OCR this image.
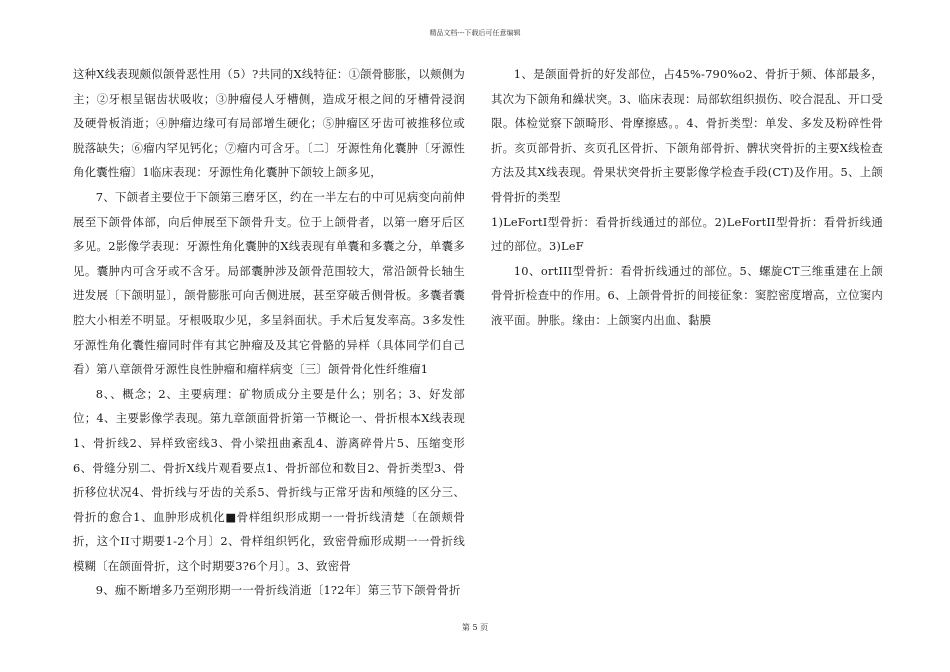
精品文档---下载后可任意编辑

这种X线表现颇似颌骨恶性用（5）?共同的X线特征：①颌骨膨胀，以颊侧为主；②牙根呈锯齿状吸收；③肿瘤侵人牙槽侧，造成牙根之间的牙槽骨浸润及硬骨板消逝；④肿瘤边缘可有局部增生硬化；⑤肿瘤区牙齿可被推移位或脱落缺失；⑥瘤内罕见钙化；⑦瘤内可含牙。〔二〕牙源性角化囊肿〔牙源性角化囊性瘤〕1临床表现：牙源性角化囊肿下颌较上颌多见，

7、下颌者主要位于下颌第三磨牙区，约在一半左右的中可见病变向前伸展至下颌骨体部，向后伸展至下颌骨升支。位于上颌骨者，以第一磨牙后区多见。2影像学表现：牙源性角化囊肿的X线表现有单囊和多囊之分，单囊多见。囊肿内可含牙或不含牙。局部囊肿涉及颌骨范围较大，常沿颌骨长轴生进发展〔下颌明显〕，颌骨膨胀可向舌侧进展，甚至穿破舌侧骨板。多囊者囊腔大小相差不明显。牙根吸取少见，多呈斜面状。手术后复发率高。3多发性牙源性角化囊性瘤同时伴有其它肿瘤及及其它骨骼的异样（具体同学们自己看）第八章颌骨牙源性良性肿瘤和瘤样病变〔三〕颌骨骨化性纤维瘤1

8、、概念；2、主要病理：矿物质成分主要是什么；别名；3、好发部位；4、主要影像学表现。第九章颌面骨折第一节概论一、骨折根本X线表现1、骨折线2、异样致密线3、骨小梁扭曲紊乱4、游离碎骨片5、压缩变形6、骨缝分别二、骨折X线片观看要点1、骨折部位和数目2、骨折类型3、骨折移位状况4、骨折线与牙齿的关系5、骨折线与正常牙齿和颅缝的区分三、骨折的愈合1、血肿形成机化■骨样组织形成期一一骨折线清楚〔在颌颊骨折，这个II寸期要1-2个月〕2、骨样组织钙化，致密骨痂形成期一一骨折线模糊〔在颌面骨折，这个时期要3?6个月〕。3、致密骨

9、痂不断增多乃至朔形期一一骨折线消逝〔1?2年〕第三节下颌骨骨折

1、是颌面骨折的好发部位，占45%-790%o2、骨折于频、体部最多，其次为下颌角和繰状突。3、临床表现：局部软组织损伤、咬合混乱、开口受限。体检觉察下颌畸形、骨摩擦感。。4、骨折类型：单发、多发及粉碎性骨折。亥页部骨折、亥页孔区骨折、下颌角部骨折、髀状突骨折的主要X线检查方法及其X线表现。骨果状突骨折主要影像学检查手段(CT)及作用。5、上颌骨骨折的类型

1)LeFortI型骨折：看骨折线通过的部位。2)LeFortII型骨折：看骨折线通过的部位。3)LeF

10、ortIII型骨折：看骨折线通过的部位。5、螺旋CT三维重建在上颌骨骨折检查中的作用。6、上颌骨骨折的间接征象：窦腔密度增高，立位窦内液平面。肿胀。缘由：上颌窦内出血、黏膜

第 5 页
